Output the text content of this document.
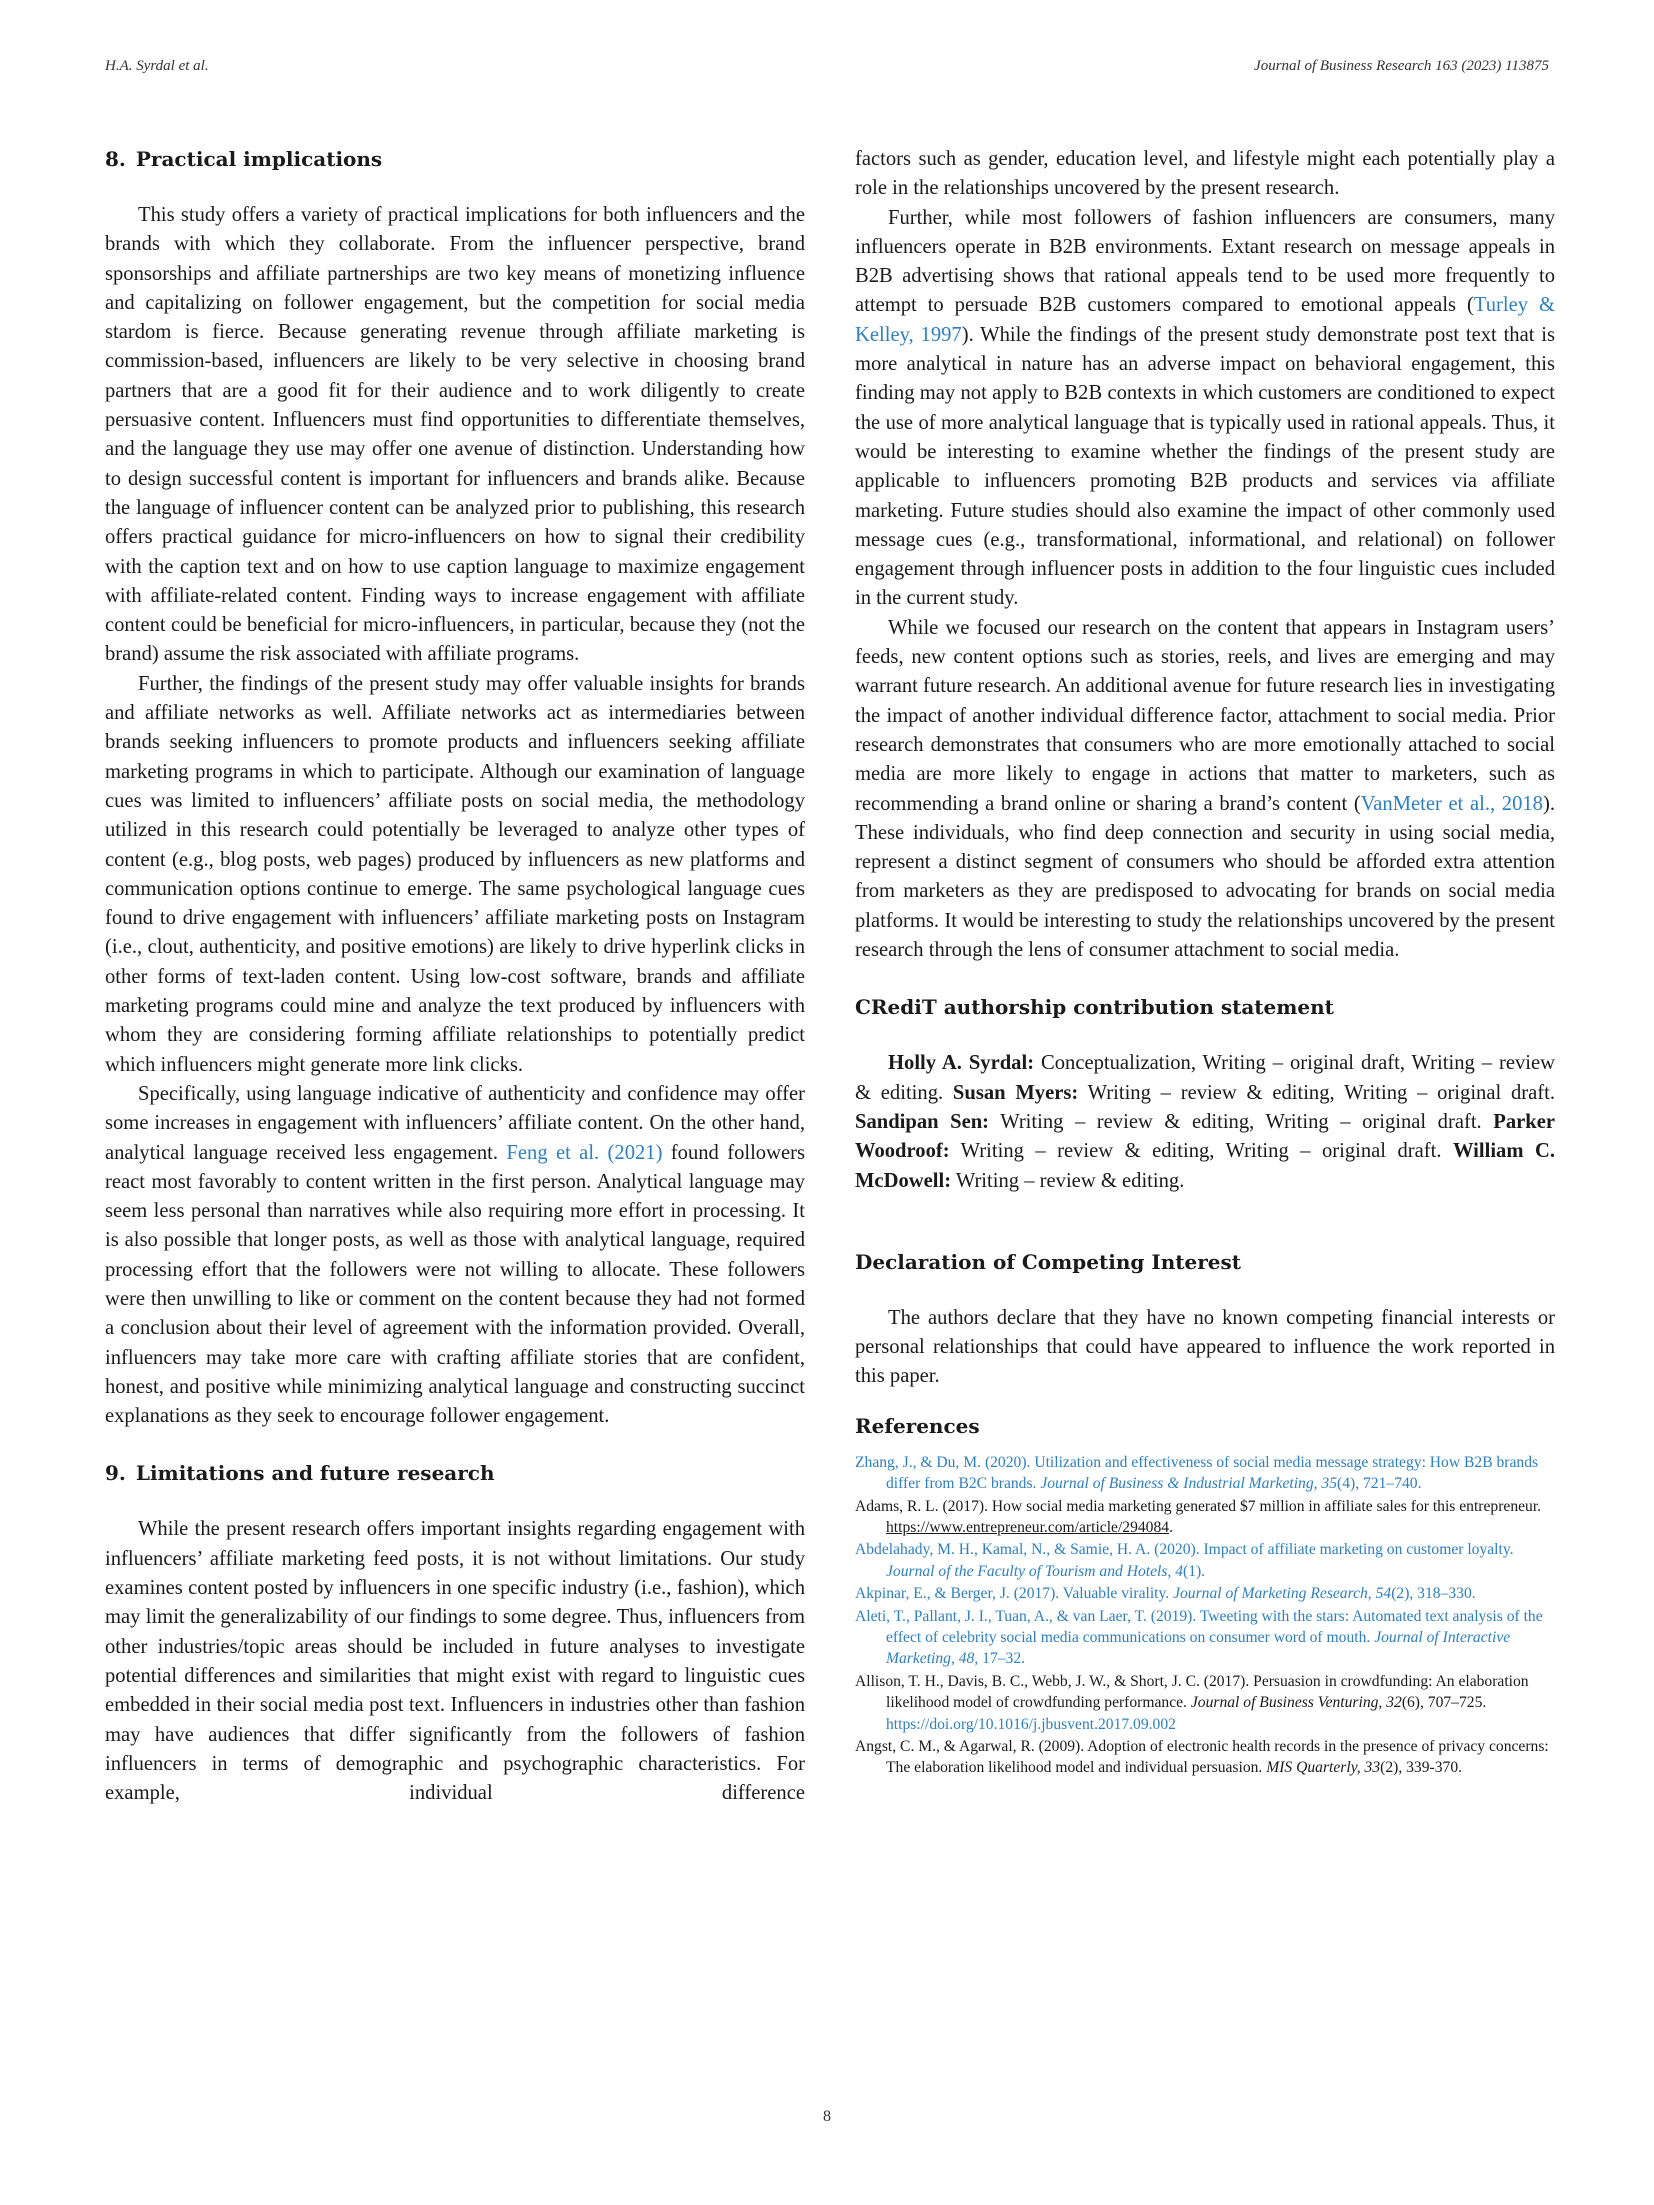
H.A. Syrdal et al.	Journal of Business Research 163 (2023) 113875
8. Practical implications

This study offers a variety of practical implications for both influencers and the brands with which they collaborate. From the influencer perspective, brand sponsorships and affiliate partnerships are two key means of monetizing influence and capitalizing on follower engagement, but the competition for social media stardom is fierce. Because generating revenue through affiliate marketing is commission-based, influencers are likely to be very selective in choosing brand partners that are a good fit for their audience and to work diligently to create persuasive content. Influencers must find opportunities to differentiate themselves, and the language they use may offer one avenue of distinction. Understanding how to design successful content is important for influencers and brands alike. Because the language of influencer content can be analyzed prior to publishing, this research offers practical guidance for micro-influencers on how to signal their credibility with the caption text and on how to use caption language to maximize engagement with affiliate-related content. Finding ways to increase engagement with affiliate content could be beneficial for micro-influencers, in particular, because they (not the brand) assume the risk associated with affiliate programs.

Further, the findings of the present study may offer valuable insights for brands and affiliate networks as well. Affiliate networks act as intermediaries between brands seeking influencers to promote products and influencers seeking affiliate marketing programs in which to participate. Although our examination of language cues was limited to influencers’ affiliate posts on social media, the methodology utilized in this research could potentially be leveraged to analyze other types of content (e.g., blog posts, web pages) produced by influencers as new platforms and communication options continue to emerge. The same psychological language cues found to drive engagement with influencers’ affiliate marketing posts on Instagram (i.e., clout, authenticity, and positive emotions) are likely to drive hyperlink clicks in other forms of text-laden content. Using low-cost software, brands and affiliate marketing programs could mine and analyze the text produced by influencers with whom they are considering forming affiliate relationships to potentially predict which influencers might generate more link clicks.

Specifically, using language indicative of authenticity and confidence may offer some increases in engagement with influencers’ affiliate content. On the other hand, analytical language received less engagement. Feng et al. (2021) found followers react most favorably to content written in the first person. Analytical language may seem less personal than narratives while also requiring more effort in processing. It is also possible that longer posts, as well as those with analytical language, required processing effort that the followers were not willing to allocate. These followers were then unwilling to like or comment on the content because they had not formed a conclusion about their level of agreement with the information provided. Overall, influencers may take more care with crafting affiliate stories that are confident, honest, and positive while minimizing analytical language and constructing succinct explanations as they seek to encourage follower engagement.

9. Limitations and future research

While the present research offers important insights regarding engagement with influencers’ affiliate marketing feed posts, it is not without limitations. Our study examines content posted by influencers in one specific industry (i.e., fashion), which may limit the generalizability of our findings to some degree. Thus, influencers from other industries/topic areas should be included in future analyses to investigate potential differences and similarities that might exist with regard to linguistic cues embedded in their social media post text. Influencers in industries other than fashion may have audiences that differ significantly from the followers of fashion influencers in terms of demographic and psychographic characteristics. For example, individual difference

factors such as gender, education level, and lifestyle might each potentially play a role in the relationships uncovered by the present research.

Further, while most followers of fashion influencers are consumers, many influencers operate in B2B environments. Extant research on message appeals in B2B advertising shows that rational appeals tend to be used more frequently to attempt to persuade B2B customers compared to emotional appeals (Turley & Kelley, 1997). While the findings of the present study demonstrate post text that is more analytical in nature has an adverse impact on behavioral engagement, this finding may not apply to B2B contexts in which customers are conditioned to expect the use of more analytical language that is typically used in rational appeals. Thus, it would be interesting to examine whether the findings of the present study are applicable to influencers promoting B2B products and services via affiliate marketing. Future studies should also examine the impact of other commonly used message cues (e.g., transformational, informational, and relational) on follower engagement through influencer posts in addition to the four linguistic cues included in the current study.

While we focused our research on the content that appears in Instagram users’ feeds, new content options such as stories, reels, and lives are emerging and may warrant future research. An additional avenue for future research lies in investigating the impact of another individual difference factor, attachment to social media. Prior research demonstrates that consumers who are more emotionally attached to social media are more likely to engage in actions that matter to marketers, such as recommending a brand online or sharing a brand’s content (VanMeter et al., 2018). These individuals, who find deep connection and security in using social media, represent a distinct segment of consumers who should be afforded extra attention from marketers as they are predisposed to advocating for brands on social media platforms. It would be interesting to study the relationships uncovered by the present research through the lens of consumer attachment to social media.

CRediT authorship contribution statement

Holly A. Syrdal: Conceptualization, Writing – original draft, Writing – review & editing. Susan Myers: Writing – review & editing, Writing – original draft. Sandipan Sen: Writing – review & editing, Writing – original draft. Parker Woodroof: Writing – review & editing, Writing – original draft. William C. McDowell: Writing – review & editing.

Declaration of Competing Interest

The authors declare that they have no known competing financial interests or personal relationships that could have appeared to influence the work reported in this paper.

References

Zhang, J., & Du, M. (2020). Utilization and effectiveness of social media message strategy: How B2B brands differ from B2C brands. Journal of Business & Industrial Marketing, 35(4), 721–740.

Adams, R. L. (2017). How social media marketing generated $7 million in affiliate sales for this entrepreneur. https://www.entrepreneur.com/article/294084.

Abdelahady, M. H., Kamal, N., & Samie, H. A. (2020). Impact of affiliate marketing on customer loyalty. Journal of the Faculty of Tourism and Hotels, 4(1).

Akpinar, E., & Berger, J. (2017). Valuable virality. Journal of Marketing Research, 54(2), 318–330.

Aleti, T., Pallant, J. I., Tuan, A., & van Laer, T. (2019). Tweeting with the stars: Automated text analysis of the effect of celebrity social media communications on consumer word of mouth. Journal of Interactive Marketing, 48, 17–32.

Allison, T. H., Davis, B. C., Webb, J. W., & Short, J. C. (2017). Persuasion in crowdfunding: An elaboration likelihood model of crowdfunding performance. Journal of Business Venturing, 32(6), 707–725. https://doi.org/10.1016/j.jbusvent.2017.09.002

Angst, C. M., & Agarwal, R. (2009). Adoption of electronic health records in the presence of privacy concerns: The elaboration likelihood model and individual persuasion. MIS Quarterly, 33(2), 339-370.

8
